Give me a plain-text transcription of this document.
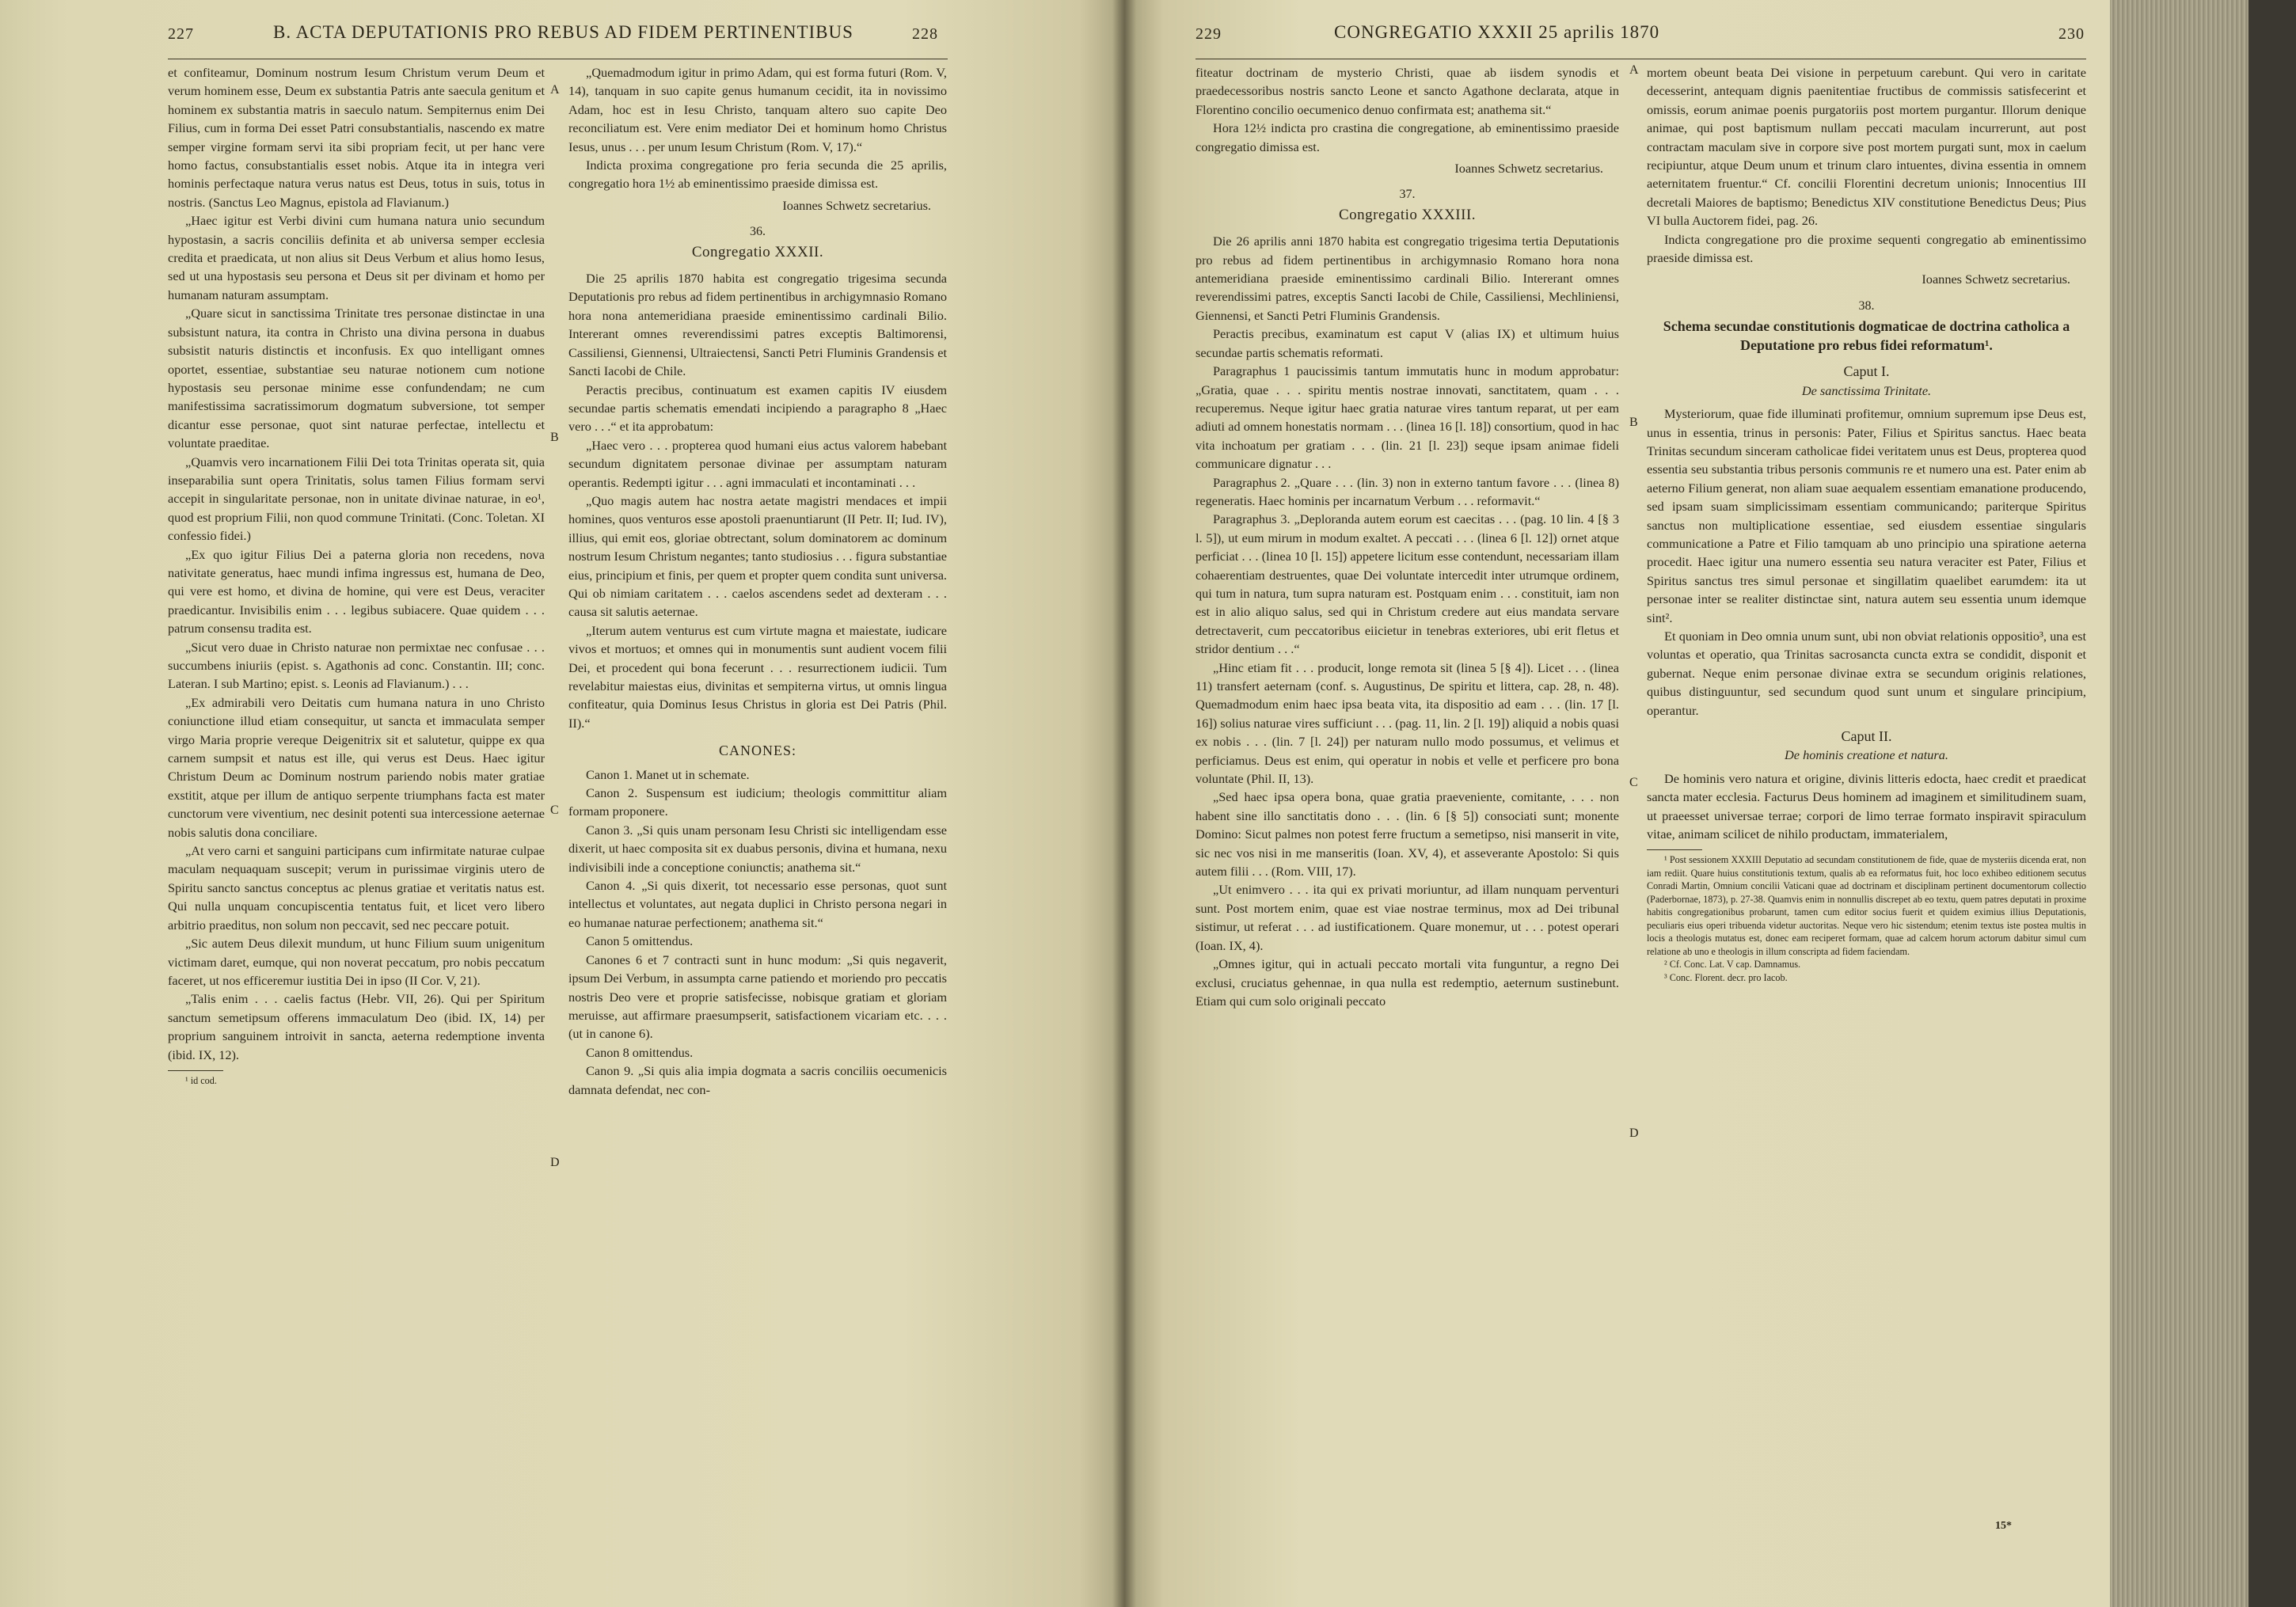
227	B. ACTA DEPUTATIONIS PRO REBUS AD FIDEM PERTINENTIBUS	228

et confiteamur, Dominum nostrum Iesum Christum verum Deum et verum hominem esse, Deum ex substantia Patris ante saecula genitum et hominem ex substantia matris in saeculo natum. Sempiternus enim Dei Filius, cum in forma Dei esset Patri consubstantialis, nascendo ex matre semper virgine formam servi ita sibi propriam fecit, ut per hanc vere homo factus, consubstantialis esset nobis. Atque ita in integra veri hominis perfectaque natura verus natus est Deus, totus in suis, totus in nostris. (Sanctus Leo Magnus, epistola ad Flavianum.)

„Haec igitur est Verbi divini cum humana natura unio secundum hypostasin, a sacris conciliis definita et ab universa semper ecclesia credita et praedicata, ut non alius sit Deus Verbum et alius homo Iesus, sed ut una hypostasis seu persona et Deus sit per divinam et homo per humanam naturam assumptam.

„Quare sicut in sanctissima Trinitate tres personae distinctae in una subsistunt natura, ita contra in Christo una divina persona in duabus subsistit naturis distinctis et inconfusis. Ex quo intelligant omnes oportet, essentiae, substantiae seu naturae notionem cum notione hypostasis seu personae minime esse confundendam; ne cum manifestissima sacratissimorum dogmatum subversione, tot semper dicantur esse personae, quot sint naturae perfectae, intellectu et voluntate praeditae.

„Quamvis vero incarnationem Filii Dei tota Trinitas operata sit, quia inseparabilia sunt opera Trinitatis, solus tamen Filius formam servi accepit in singularitate personae, non in unitate divinae naturae, in eo¹, quod est proprium Filii, non quod commune Trinitati. (Conc. Toletan. XI confessio fidei.)

„Ex quo igitur Filius Dei a paterna gloria non recedens, nova nativitate generatus, haec mundi infima ingressus est, humana de Deo, qui vere est homo, et divina de homine, qui vere est Deus, veraciter praedicantur. Invisibilis enim . . . legibus subiacere. Quae quidem . . . patrum consensu tradita est.

„Sicut vero duae in Christo naturae non permixtae nec confusae . . . succumbens iniuriis (epist. s. Agathonis ad conc. Constantin. III; conc. Lateran. I sub Martino; epist. s. Leonis ad Flavianum.) . . .

„Ex admirabili vero Deitatis cum humana natura in uno Christo coniunctione illud etiam consequitur, ut sancta et immaculata semper virgo Maria proprie vereque Deigenitrix sit et salutetur, quippe ex qua carnem sumpsit et natus est ille, qui verus est Deus. Haec igitur Christum Deum ac Dominum nostrum pariendo nobis mater gratiae exstitit, atque per illum de antiquo serpente triumphans facta est mater cunctorum vere viventium, nec desinit potenti sua intercessione aeternae nobis salutis dona conciliare.

„At vero carni et sanguini participans cum infirmitate naturae culpae maculam nequaquam suscepit; verum in purissimae virginis utero de Spiritu sancto sanctus conceptus ac plenus gratiae et veritatis natus est. Qui nulla unquam concupiscentia tentatus fuit, et licet vero libero arbitrio praeditus, non solum non peccavit, sed nec peccare potuit.

„Sic autem Deus dilexit mundum, ut hunc Filium suum unigenitum victimam daret, eumque, qui non noverat peccatum, pro nobis peccatum faceret, ut nos efficeremur iustitia Dei in ipso (II Cor. V, 21).

„Talis enim . . . caelis factus (Hebr. VII, 26). Qui per Spiritum sanctum semetipsum offerens immaculatum Deo (ibid. IX, 14) per proprium sanguinem introivit in sancta, aeterna redemptione inventa (ibid. IX, 12).

¹ id cod.

„Quemadmodum igitur in primo Adam, qui est forma futuri (Rom. V, 14), tanquam in suo capite genus humanum cecidit, ita in novissimo Adam, hoc est in Iesu Christo, tanquam altero suo capite Deo reconciliatum est. Vere enim mediator Dei et hominum homo Christus Iesus, unus . . . per unum Iesum Christum (Rom. V, 17).“

Indicta proxima congregatione pro feria secunda die 25 aprilis, congregatio hora 1½ ab eminentissimo praeside dimissa est.

Ioannes Schwetz secretarius.
36.
Congregatio XXXII.

Die 25 aprilis 1870 habita est congregatio trigesima secunda Deputationis pro rebus ad fidem pertinentibus in archigymnasio Romano hora nona antemeridiana praeside eminentissimo cardinali Bilio. Intererant omnes reverendissimi patres exceptis Baltimorensi, Cassiliensi, Giennensi, Ultraiectensi, Sancti Petri Fluminis Grandensis et Sancti Iacobi de Chile.

Peractis precibus, continuatum est examen capitis IV eiusdem secundae partis schematis emendati incipiendo a paragrapho 8 „Haec vero . . .“ et ita approbatum:

„Haec vero . . . propterea quod humani eius actus valorem habebant secundum dignitatem personae divinae per assumptam naturam operantis. Redempti igitur . . . agni immaculati et incontaminati . . .

„Quo magis autem hac nostra aetate magistri mendaces et impii homines, quos venturos esse apostoli praenuntiarunt (II Petr. II; Iud. IV), illius, qui emit eos, gloriae obtrectant, solum dominatorem ac dominum nostrum Iesum Christum negantes; tanto studiosius . . . figura substantiae eius, principium et finis, per quem et propter quem condita sunt universa. Qui ob nimiam caritatem . . . caelos ascendens sedet ad dexteram . . . causa sit salutis aeternae.

„Iterum autem venturus est cum virtute magna et maiestate, iudicare vivos et mortuos; et omnes qui in monumentis sunt audient vocem filii Dei, et procedent qui bona fecerunt . . . resurrectionem iudicii. Tum revelabitur maiestas eius, divinitas et sempiterna virtus, ut omnis lingua confiteatur, quia Dominus Iesus Christus in gloria est Dei Patris (Phil. II).“

CANONES:

Canon 1. Manet ut in schemate.

Canon 2. Suspensum est iudicium; theologis committitur aliam formam proponere.

Canon 3. „Si quis unam personam Iesu Christi sic intelligendam esse dixerit, ut haec composita sit ex duabus personis, divina et humana, nexu indivisibili inde a conceptione coniunctis; anathema sit.“

Canon 4. „Si quis dixerit, tot necessario esse personas, quot sunt intellectus et voluntates, aut negata duplici in Christo persona negari in eo humanae naturae perfectionem; anathema sit.“

Canon 5 omittendus.

Canones 6 et 7 contracti sunt in hunc modum: „Si quis negaverit, ipsum Dei Verbum, in assumpta carne patiendo et moriendo pro peccatis nostris Deo vere et proprie satisfecisse, nobisque gratiam et gloriam meruisse, aut affirmare praesumpserit, satisfactionem vicariam etc. . . . (ut in canone 6).

Canon 8 omittendus.

Canon 9. „Si quis alia impia dogmata a sacris conciliis oecumenicis damnata defendat, nec con-

A
B
C
D
229	CONGREGATIO XXXII 25 aprilis 1870	230

fiteatur doctrinam de mysterio Christi, quae ab iisdem synodis et praedecessoribus nostris sancto Leone et sancto Agathone declarata, atque in Florentino concilio oecumenico denuo confirmata est; anathema sit.“

Hora 12½ indicta pro crastina die congregatione, ab eminentissimo praeside congregatio dimissa est.

Ioannes Schwetz secretarius.
37.
Congregatio XXXIII.

Die 26 aprilis anni 1870 habita est congregatio trigesima tertia Deputationis pro rebus ad fidem pertinentibus in archigymnasio Romano hora nona antemeridiana praeside eminentissimo cardinali Bilio. Intererant omnes reverendissimi patres, exceptis Sancti Iacobi de Chile, Cassiliensi, Mechliniensi, Giennensi, et Sancti Petri Fluminis Grandensis.

Peractis precibus, examinatum est caput V (alias IX) et ultimum huius secundae partis schematis reformati.

Paragraphus 1 paucissimis tantum immutatis hunc in modum approbatur: „Gratia, quae . . . spiritu mentis nostrae innovati, sanctitatem, quam . . . recuperemus. Neque igitur haec gratia naturae vires tantum reparat, ut per eam adiuti ad omnem honestatis normam . . . (linea 16 [l. 18]) consortium, quod in hac vita inchoatum per gratiam . . . (lin. 21 [l. 23]) seque ipsam animae fideli communicare dignatur . . .

Paragraphus 2. „Quare . . . (lin. 3) non in externo tantum favore . . . (linea 8) regeneratis. Haec hominis per incarnatum Verbum . . . reformavit.“

Paragraphus 3. „Deploranda autem eorum est caecitas . . . (pag. 10 lin. 4 [§ 3 l. 5]), ut eum mirum in modum exaltet. A peccati . . . (linea 6 [l. 12]) ornet atque perficiat . . . (linea 10 [l. 15]) appetere licitum esse contendunt, necessariam illam cohaerentiam destruentes, quae Dei voluntate intercedit inter utrumque ordinem, qui tum in natura, tum supra naturam est. Postquam enim . . . constituit, iam non est in alio aliquo salus, sed qui in Christum credere aut eius mandata servare detrectaverit, cum peccatoribus eiicietur in tenebras exteriores, ubi erit fletus et stridor dentium . . .“

„Hinc etiam fit . . . producit, longe remota sit (linea 5 [§ 4]). Licet . . . (linea 11) transfert aeternam (conf. s. Augustinus, De spiritu et littera, cap. 28, n. 48). Quemadmodum enim haec ipsa beata vita, ita dispositio ad eam . . . (lin. 17 [l. 16]) solius naturae vires sufficiunt . . . (pag. 11, lin. 2 [l. 19]) aliquid a nobis quasi ex nobis . . . (lin. 7 [l. 24]) per naturam nullo modo possumus, et velimus et perficiamus. Deus est enim, qui operatur in nobis et velle et perficere pro bona voluntate (Phil. II, 13).

„Sed haec ipsa opera bona, quae gratia praeveniente, comitante, . . . non habent sine illo sanctitatis dono . . . (lin. 6 [§ 5]) consociati sunt; monente Domino: Sicut palmes non potest ferre fructum a semetipso, nisi manserit in vite, sic nec vos nisi in me manseritis (Ioan. XV, 4), et asseverante Apostolo: Si quis autem filii . . . (Rom. VIII, 17).

„Ut enimvero . . . ita qui ex privati moriuntur, ad illam nunquam perventuri sunt. Post mortem enim, quae est viae nostrae terminus, mox ad Dei tribunal sistimur, ut referat . . . ad iustificationem. Quare monemur, ut . . . potest operari (Ioan. IX, 4).

„Omnes igitur, qui in actuali peccato mortali vita funguntur, a regno Dei exclusi, cruciatus gehennae, in qua nulla est redemptio, aeternum sustinebunt. Etiam qui cum solo originali peccato

mortem obeunt beata Dei visione in perpetuum carebunt. Qui vero in caritate decesserint, antequam dignis paenitentiae fructibus de commissis satisfecerint et omissis, eorum animae poenis purgatoriis post mortem purgantur. Illorum denique animae, qui post baptismum nullam peccati maculam incurrerunt, aut post contractam maculam sive in corpore sive post mortem purgati sunt, mox in caelum recipiuntur, atque Deum unum et trinum claro intuentes, divina essentia in omnem aeternitatem fruentur.“ Cf. concilii Florentini decretum unionis; Innocentius III decretali Maiores de baptismo; Benedictus XIV constitutione Benedictus Deus; Pius VI bulla Auctorem fidei, pag. 26.

Indicta congregatione pro die proxime sequenti congregatio ab eminentissimo praeside dimissa est.

Ioannes Schwetz secretarius.
38.
Schema secundae constitutionis dogmaticae de doctrina catholica a Deputatione pro rebus fidei reformatum¹.
Caput I.
De sanctissima Trinitate.

Mysteriorum, quae fide illuminati profitemur, omnium supremum ipse Deus est, unus in essentia, trinus in personis: Pater, Filius et Spiritus sanctus. Haec beata Trinitas secundum sinceram catholicae fidei veritatem unus est Deus, propterea quod essentia seu substantia tribus personis communis re et numero una est. Pater enim ab aeterno Filium generat, non aliam suae aequalem essentiam emanatione producendo, sed ipsam suam simplicissimam essentiam communicando; pariterque Spiritus sanctus non multiplicatione essentiae, sed eiusdem essentiae singularis communicatione a Patre et Filio tamquam ab uno principio una spiratione aeterna procedit. Haec igitur una numero essentia seu natura veraciter est Pater, Filius et Spiritus sanctus tres simul personae et singillatim quaelibet earumdem: ita ut personae inter se realiter distinctae sint, natura autem seu essentia unum idemque sint².

Et quoniam in Deo omnia unum sunt, ubi non obviat relationis oppositio³, una est voluntas et operatio, qua Trinitas sacrosancta cuncta extra se condidit, disponit et gubernat. Neque enim personae divinae extra se secundum originis relationes, quibus distinguuntur, sed secundum quod sunt unum et singulare principium, operantur.

Caput II.
De hominis creatione et natura.

De hominis vero natura et origine, divinis litteris edocta, haec credit et praedicat sancta mater ecclesia. Facturus Deus hominem ad imaginem et similitudinem suam, ut praeesset universae terrae; corpori de limo terrae formato inspiravit spiraculum vitae, animam scilicet de nihilo productam, immaterialem,

¹ Post sessionem XXXIII Deputatio ad secundam constitutionem de fide, quae de mysteriis dicenda erat, non iam rediit. Quare huius constitutionis textum, qualis ab ea reformatus fuit, hoc loco exhibeo editionem secutus Conradi Martin, Omnium concilii Vaticani quae ad doctrinam et disciplinam pertinent documentorum collectio (Paderbornae, 1873), p. 27-38. Quamvis enim in nonnullis discrepet ab eo textu, quem patres deputati in proxime habitis congregationibus probarunt, tamen cum editor socius fuerit et quidem eximius illius Deputationis, peculiaris eius operi tribuenda videtur auctoritas. Neque vero hic sistendum; etenim textus iste postea multis in locis a theologis mutatus est, donec eam reciperet formam, quae ad calcem horum actorum dabitur simul cum relatione ab uno e theologis in illum conscripta ad fidem faciendam.

² Cf. Conc. Lat. V cap. Damnamus.

³ Conc. Florent. decr. pro Iacob.

A
B
C
D
15*
